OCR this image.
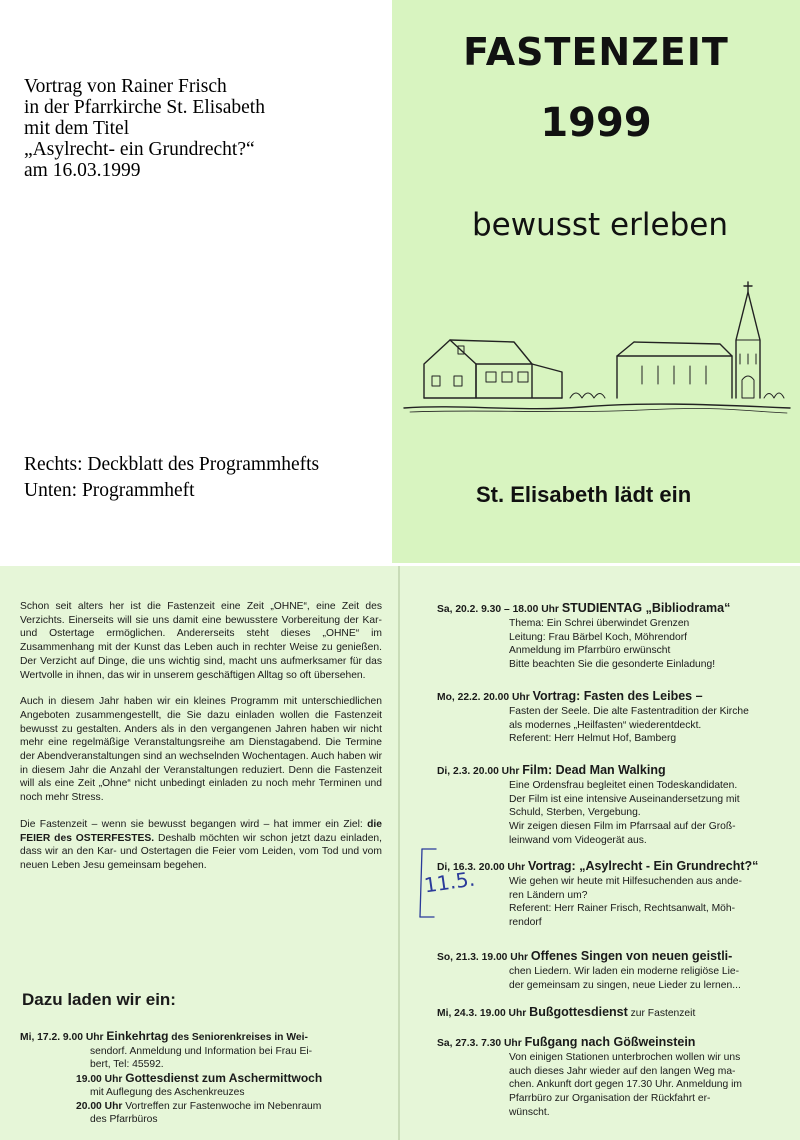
Vortrag von Rainer Frisch
in der Pfarrkirche St. Elisabeth
mit dem Titel
„Asylrecht- ein Grundrecht?“
am 16.03.1999
Rechts: Deckblatt des Programmhefts
Unten: Programmheft
FASTENZEIT
1999
bewusst erleben
St. Elisabeth lädt ein

Schon seit alters her ist die Fastenzeit eine Zeit „OHNE“, eine Zeit des Verzichts. Einerseits will sie uns damit eine bewusstere Vorbereitung der Kar- und Ostertage ermöglichen. Andererseits steht dieses „OHNE“ im Zusammenhang mit der Kunst das Leben auch in rechter Weise zu genießen. Der Verzicht auf Dinge, die uns wichtig sind, macht uns aufmerksamer für das Wertvolle in ihnen, das wir in unserem geschäftigen Alltag so oft übersehen.

Auch in diesem Jahr haben wir ein kleines Programm mit unterschiedlichen Angeboten zusammengestellt, die Sie dazu einladen wollen die Fastenzeit bewusst zu gestalten. Anders als in den vergangenen Jahren haben wir nicht mehr eine regelmäßige Veranstaltungsreihe am Dienstagabend. Die Termine der Abendveranstaltungen sind an wechselnden Wochentagen. Auch haben wir in diesem Jahr die Anzahl der Veranstaltungen reduziert. Denn die Fastenzeit will als eine Zeit „Ohne“ nicht unbedingt einladen zu noch mehr Terminen und noch mehr Stress.

Die Fastenzeit – wenn sie bewusst begangen wird – hat immer ein Ziel: die FEIER des OSTERFESTES. Deshalb möchten wir schon jetzt dazu einladen, dass wir an den Kar- und Ostertagen die Feier vom Leiden, vom Tod und vom neuen Leben Jesu gemeinsam begehen.

Dazu laden wir ein:
Mi, 17.2. 9.00 Uhr Einkehrtag des Seniorenkreises in Wei-
sendorf. Anmeldung und Information bei Frau Ei-
bert, Tel: 45592.
19.00 Uhr Gottesdienst zum Aschermittwoch
mit Auflegung des Aschenkreuzes
20.00 Uhr Vortreffen zur Fastenwoche im Nebenraum
des Pfarrbüros
Sa, 20.2. 9.30 – 18.00 Uhr STUDIENTAG „Bibliodrama“
Thema: Ein Schrei überwindet Grenzen
Leitung: Frau Bärbel Koch, Möhrendorf
Anmeldung im Pfarrbüro erwünscht
Bitte beachten Sie die gesonderte Einladung!
Mo, 22.2. 20.00 Uhr Vortrag: Fasten des Leibes –
Fasten der Seele. Die alte Fastentradition der Kirche
als modernes „Heilfasten“ wiederentdeckt.
Referent: Herr Helmut Hof, Bamberg
Di, 2.3. 20.00 Uhr Film: Dead Man Walking
Eine Ordensfrau begleitet einen Todeskandidaten.
Der Film ist eine intensive Auseinandersetzung mit
Schuld, Sterben, Vergebung.
Wir zeigen diesen Film im Pfarrsaal auf der Groß-
leinwand vom Videogerät aus.
Di, 16.3. 20.00 Uhr Vortrag: „Asylrecht - Ein Grundrecht?“
Wie gehen wir heute mit Hilfesuchenden aus ande-
ren Ländern um?
Referent: Herr Rainer Frisch, Rechtsanwalt, Möh-
rendorf
So, 21.3. 19.00 Uhr Offenes Singen von neuen geistli-
chen Liedern. Wir laden ein moderne religiöse Lie-
der gemeinsam zu singen, neue Lieder zu lernen...
Mi, 24.3. 19.00 Uhr Bußgottesdienst zur Fastenzeit
Sa, 27.3. 7.30 Uhr Fußgang nach Gößweinstein
Von einigen Stationen unterbrochen wollen wir uns
auch dieses Jahr wieder auf den langen Weg ma-
chen. Ankunft dort gegen 17.30 Uhr. Anmeldung im
Pfarrbüro zur Organisation der Rückfahrt er-
wünscht.
11.5.
